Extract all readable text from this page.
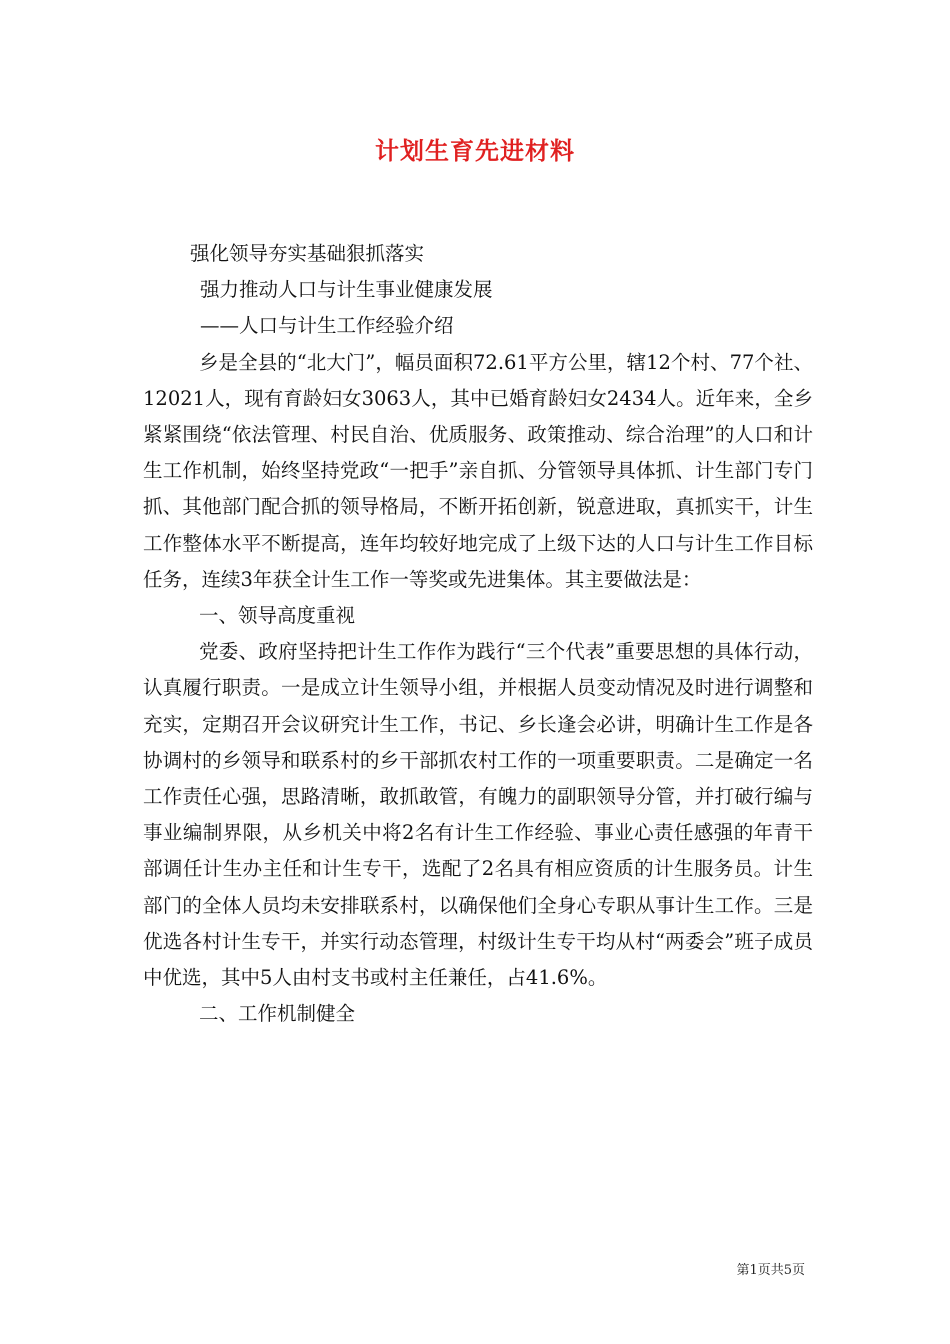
计划生育先进材料
强化领导夯实基础狠抓落实
强力推动人口与计生事业健康发展
——人口与计生工作经验介绍

乡是全县的“北大门”，幅员面积72.61平方公里，辖12个村、77个社、12021人，现有育龄妇女3063人，其中已婚育龄妇女2434人。近年来，全乡紧紧围绕“依法管理、村民自治、优质服务、政策推动、综合治理”的人口和计生工作机制，始终坚持党政“一把手”亲自抓、分管领导具体抓、计生部门专门抓、其他部门配合抓的领导格局，不断开拓创新，锐意进取，真抓实干，计生工作整体水平不断提高，连年均较好地完成了上级下达的人口与计生工作目标任务，连续3年获全计生工作一等奖或先进集体。其主要做法是：

一、领导高度重视

党委、政府坚持把计生工作作为践行“三个代表”重要思想的具体行动，认真履行职责。一是成立计生领导小组，并根据人员变动情况及时进行调整和充实，定期召开会议研究计生工作，书记、乡长逢会必讲，明确计生工作是各协调村的乡领导和联系村的乡干部抓农村工作的一项重要职责。二是确定一名工作责任心强，思路清晰，敢抓敢管，有魄力的副职领导分管，并打破行编与事业编制界限，从乡机关中将2名有计生工作经验、事业心责任感强的年青干部调任计生办主任和计生专干，选配了2名具有相应资质的计生服务员。计生部门的全体人员均未安排联系村，以确保他们全身心专职从事计生工作。三是优选各村计生专干，并实行动态管理，村级计生专干均从村“两委会”班子成员中优选，其中5人由村支书或村主任兼任，占41.6%。

二、工作机制健全
第1页共5页
